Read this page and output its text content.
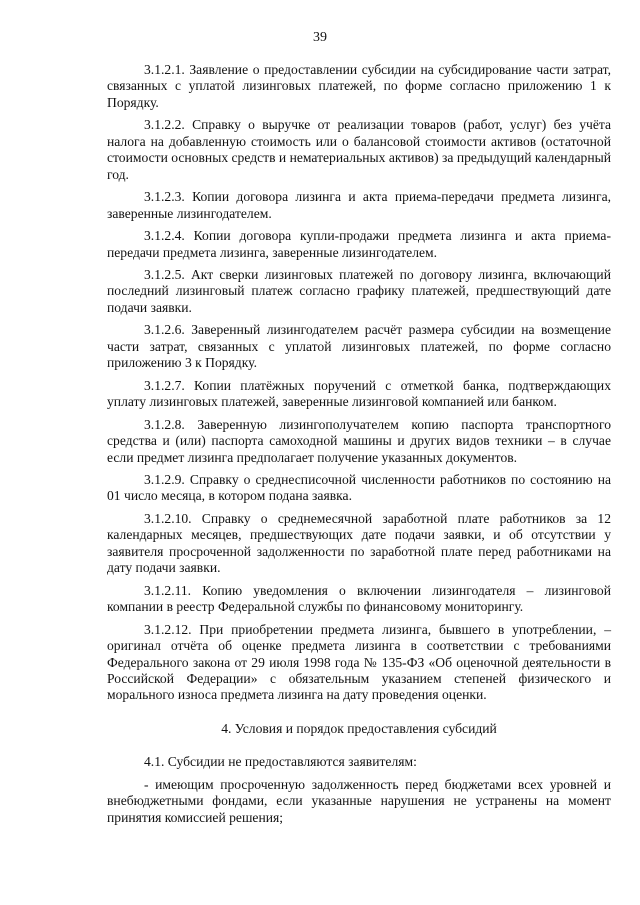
39

3.1.2.1. Заявление о предоставлении субсидии на субсидирование части затрат, связанных с уплатой лизинговых платежей, по форме согласно приложению 1 к Порядку.

3.1.2.2. Справку о выручке от реализации товаров (работ, услуг) без учёта налога на добавленную стоимость или о балансовой стоимости активов (остаточной стоимости основных средств и нематериальных активов) за предыдущий календарный год.

3.1.2.3. Копии договора лизинга и акта приема-передачи предмета лизинга, заверенные лизингодателем.

3.1.2.4. Копии договора купли-продажи предмета лизинга и акта приема-передачи предмета лизинга, заверенные лизингодателем.

3.1.2.5. Акт сверки лизинговых платежей по договору лизинга, включающий последний лизинговый платеж согласно графику платежей, предшествующий дате подачи заявки.

3.1.2.6. Заверенный лизингодателем расчёт размера субсидии на возмещение части затрат, связанных с уплатой лизинговых платежей, по форме согласно приложению 3 к Порядку.

3.1.2.7. Копии платёжных поручений с отметкой банка, подтверждающих уплату лизинговых платежей, заверенные лизинговой компанией или банком.

3.1.2.8. Заверенную лизингополучателем копию паспорта транспортного средства и (или) паспорта самоходной машины и других видов техники – в случае если предмет лизинга предполагает получение указанных документов.

3.1.2.9. Справку о среднесписочной численности работников по состоянию на 01 число месяца, в котором подана заявка.

3.1.2.10. Справку о среднемесячной заработной плате работников за 12 календарных месяцев, предшествующих дате подачи заявки, и об отсутствии у заявителя просроченной задолженности по заработной плате перед работниками на дату подачи заявки.

3.1.2.11. Копию уведомления о включении лизингодателя – лизинговой компании в реестр Федеральной службы по финансовому мониторингу.

3.1.2.12. При приобретении предмета лизинга, бывшего в употреблении, – оригинал отчёта об оценке предмета лизинга в соответствии с требованиями Федерального закона от 29 июля 1998 года № 135-ФЗ «Об оценочной деятельности в Российской Федерации» с обязательным указанием степеней физического и морального износа предмета лизинга на дату проведения оценки.

4. Условия и порядок предоставления субсидий

4.1. Субсидии не предоставляются заявителям:

- имеющим просроченную задолженность перед бюджетами всех уровней и внебюджетными фондами, если указанные нарушения не устранены на момент принятия комиссией решения;
